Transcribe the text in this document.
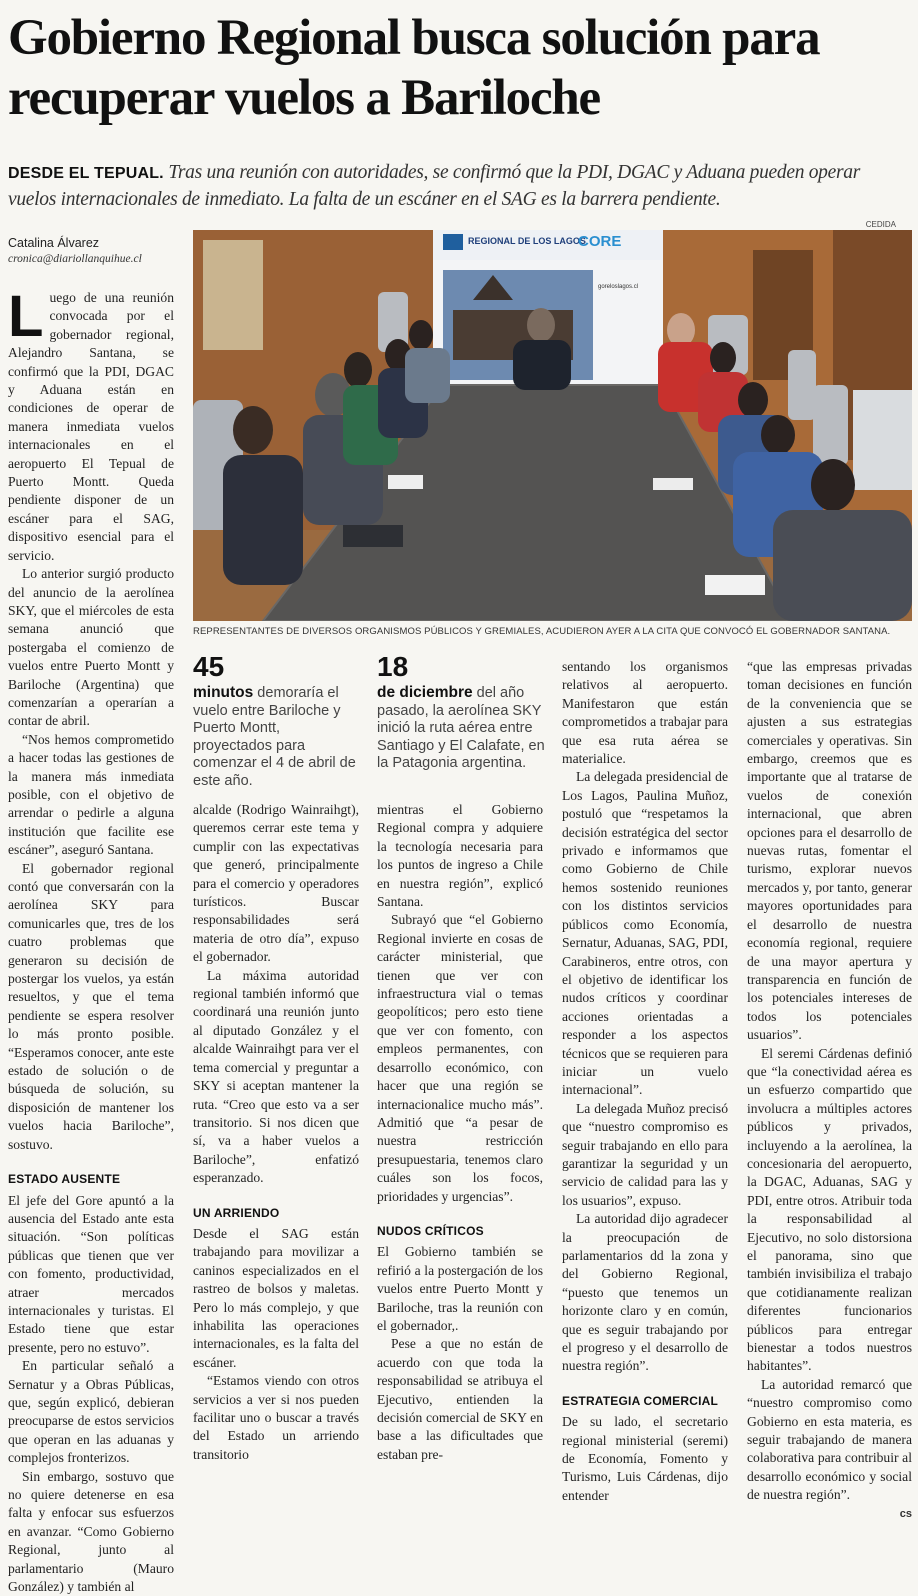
Gobierno Regional busca solución para recuperar vuelos a Bariloche
DESDE EL TEPUAL. Tras una reunión con autoridades, se confirmó que la PDI, DGAC y Aduana pueden operar vuelos internacionales de inmediato. La falta de un escáner en el SAG es la barrera pendiente.
Catalina Álvarez
cronica@diariollanquihue.cl
CEDIDA
REGIONAL DE LOS LAGOS
CORE
goreloslagos.cl
REPRESENTANTES DE DIVERSOS ORGANISMOS PÚBLICOS Y GREMIALES, ACUDIERON AYER A LA CITA QUE CONVOCÓ EL GOBERNADOR SANTANA.
45
minutos demoraría el vuelo entre Bariloche y Puerto Montt, proyectados para comenzar el 4 de abril de este año.
18
de diciembre del año pasado, la aerolínea SKY inició la ruta aérea entre Santiago y El Calafate, en la Patagonia argentina.

Luego de una reunión convocada por el gobernador regional, Alejandro Santana, se confirmó que la PDI, DGAC y Aduana están en condiciones de operar de manera inmediata vuelos internacionales en el aeropuerto El Tepual de Puerto Montt. Queda pendiente disponer de un escáner para el SAG, dispositivo esencial para el servicio.

Lo anterior surgió producto del anuncio de la aerolínea SKY, que el miércoles de esta semana anunció que postergaba el comienzo de vuelos entre Puerto Montt y Bariloche (Argentina) que comenzarían a operarían a contar de abril.

“Nos hemos comprometido a hacer todas las gestiones de la manera más inmediata posible, con el objetivo de arrendar o pedirle a alguna institución que facilite ese escáner”, aseguró Santana.

El gobernador regional contó que conversarán con la aerolínea SKY para comunicarles que, tres de los cuatro problemas que generaron su decisión de postergar los vuelos, ya están resueltos, y que el tema pendiente se espera resolver lo más pronto posible. “Esperamos conocer, ante este estado de solución o de búsqueda de solución, su disposición de mantener los vuelos hacia Bariloche”, sostuvo.

ESTADO AUSENTE

El jefe del Gore apuntó a la ausencia del Estado ante esta situación. “Son políticas públicas que tienen que ver con fomento, productividad, atraer mercados internacionales y turistas. El Estado tiene que estar presente, pero no estuvo”.

En particular señaló a Sernatur y a Obras Públicas, que, según explicó, debieran preocuparse de estos servicios que operan en las aduanas y complejos fronterizos.

Sin embargo, sostuvo que no quiere detenerse en esa falta y enfocar sus esfuerzos en avanzar. “Como Gobierno Regional, junto al parlamentario (Mauro González) y también al

alcalde (Rodrigo Wainraihgt), queremos cerrar este tema y cumplir con las expectativas que generó, principalmente para el comercio y operadores turísticos. Buscar responsabilidades será materia de otro día”, expuso el gobernador.

La máxima autoridad regional también informó que coordinará una reunión junto al diputado González y el alcalde Wainraihgt para ver el tema comercial y preguntar a SKY si aceptan mantener la ruta. “Creo que esto va a ser transitorio. Si nos dicen que sí, va a haber vuelos a Bariloche”, enfatizó esperanzado.

UN ARRIENDO

Desde el SAG están trabajando para movilizar a caninos especializados en el rastreo de bolsos y maletas. Pero lo más complejo, y que inhabilita las operaciones internacionales, es la falta del escáner.

“Estamos viendo con otros servicios a ver si nos pueden facilitar uno o buscar a través del Estado un arriendo transitorio

mientras el Gobierno Regional compra y adquiere la tecnología necesaria para los puntos de ingreso a Chile en nuestra región”, explicó Santana.

Subrayó que “el Gobierno Regional invierte en cosas de carácter ministerial, que tienen que ver con infraestructura vial o temas geopolíticos; pero esto tiene que ver con fomento, con empleos permanentes, con desarrollo económico, con hacer que una región se internacionalice mucho más”. Admitió que “a pesar de nuestra restricción presupuestaria, tenemos claro cuáles son los focos, prioridades y urgencias”.

NUDOS CRÍTICOS

El Gobierno también se refirió a la postergación de los vuelos entre Puerto Montt y Bariloche, tras la reunión con el gobernador,.

Pese a que no están de acuerdo con que toda la responsabilidad se atribuya el Ejecutivo, entienden la decisión comercial de SKY en base a las dificultades que estaban pre-

sentando los organismos relativos al aeropuerto. Manifestaron que están comprometidos a trabajar para que esa ruta aérea se materialice.

La delegada presidencial de Los Lagos, Paulina Muñoz, postuló que “respetamos la decisión estratégica del sector privado e informamos que como Gobierno de Chile hemos sostenido reuniones con los distintos servicios públicos como Economía, Sernatur, Aduanas, SAG, PDI, Carabineros, entre otros, con el objetivo de identificar los nudos críticos y coordinar acciones orientadas a responder a los aspectos técnicos que se requieren para iniciar un vuelo internacional”.

La delegada Muñoz precisó que “nuestro compromiso es seguir trabajando en ello para garantizar la seguridad y un servicio de calidad para las y los usuarios”, expuso.

La autoridad dijo agradecer la preocupación de parlamentarios dd la zona y del Gobierno Regional, “puesto que tenemos un horizonte claro y en común, que es seguir trabajando por el progreso y el desarrollo de nuestra región”.

ESTRATEGIA COMERCIAL

De su lado, el secretario regional ministerial (seremi) de Economía, Fomento y Turismo, Luis Cárdenas, dijo entender

“que las empresas privadas toman decisiones en función de la conveniencia que se ajusten a sus estrategias comerciales y operativas. Sin embargo, creemos que es importante que al tratarse de vuelos de conexión internacional, que abren opciones para el desarrollo de nuevas rutas, fomentar el turismo, explorar nuevos mercados y, por tanto, generar mayores oportunidades para el desarrollo de nuestra economía regional, requiere de una mayor apertura y transparencia en función de los potenciales intereses de todos los potenciales usuarios”.

El seremi Cárdenas definió que “la conectividad aérea es un esfuerzo compartido que involucra a múltiples actores públicos y privados, incluyendo a la aerolínea, la concesionaria del aeropuerto, la DGAC, Aduanas, SAG y PDI, entre otros. Atribuir toda la responsabilidad al Ejecutivo, no solo distorsiona el panorama, sino que también invisibiliza el trabajo que cotidianamente realizan diferentes funcionarios públicos para entregar bienestar a todos nuestros habitantes”.

La autoridad remarcó que “nuestro compromiso como Gobierno en esta materia, es seguir trabajando de manera colaborativa para contribuir al desarrollo económico y social de nuestra región”.

cs
